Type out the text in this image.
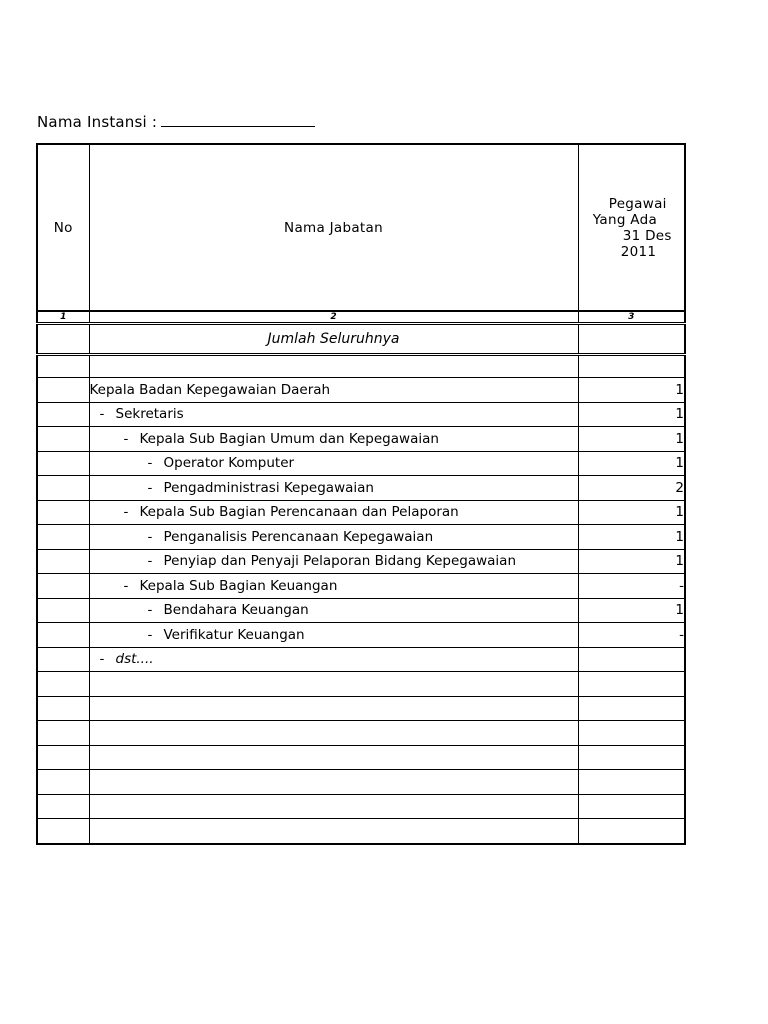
Nama Instansi :
No	Nama Jabatan	Pegawai
Yang Ada
31 Des
2011

1	2	3
	Jumlah Seluruhnya	

	Kepala Badan Kepegawaian Daerah	1
	- Sekretaris	1
	- Kepala Sub Bagian Umum dan Kepegawaian	1
	- Operator Komputer	1
	- Pengadministrasi Kepegawaian	2
	- Kepala Sub Bagian Perencanaan dan Pelaporan	1
	- Penganalisis Perencanaan Kepegawaian	1
	- Penyiap dan Penyaji Pelaporan Bidang Kepegawaian	1
	- Kepala Sub Bagian Keuangan	-
	- Bendahara Keuangan	1
	- Verifikatur Keuangan	-
	- dst....	
